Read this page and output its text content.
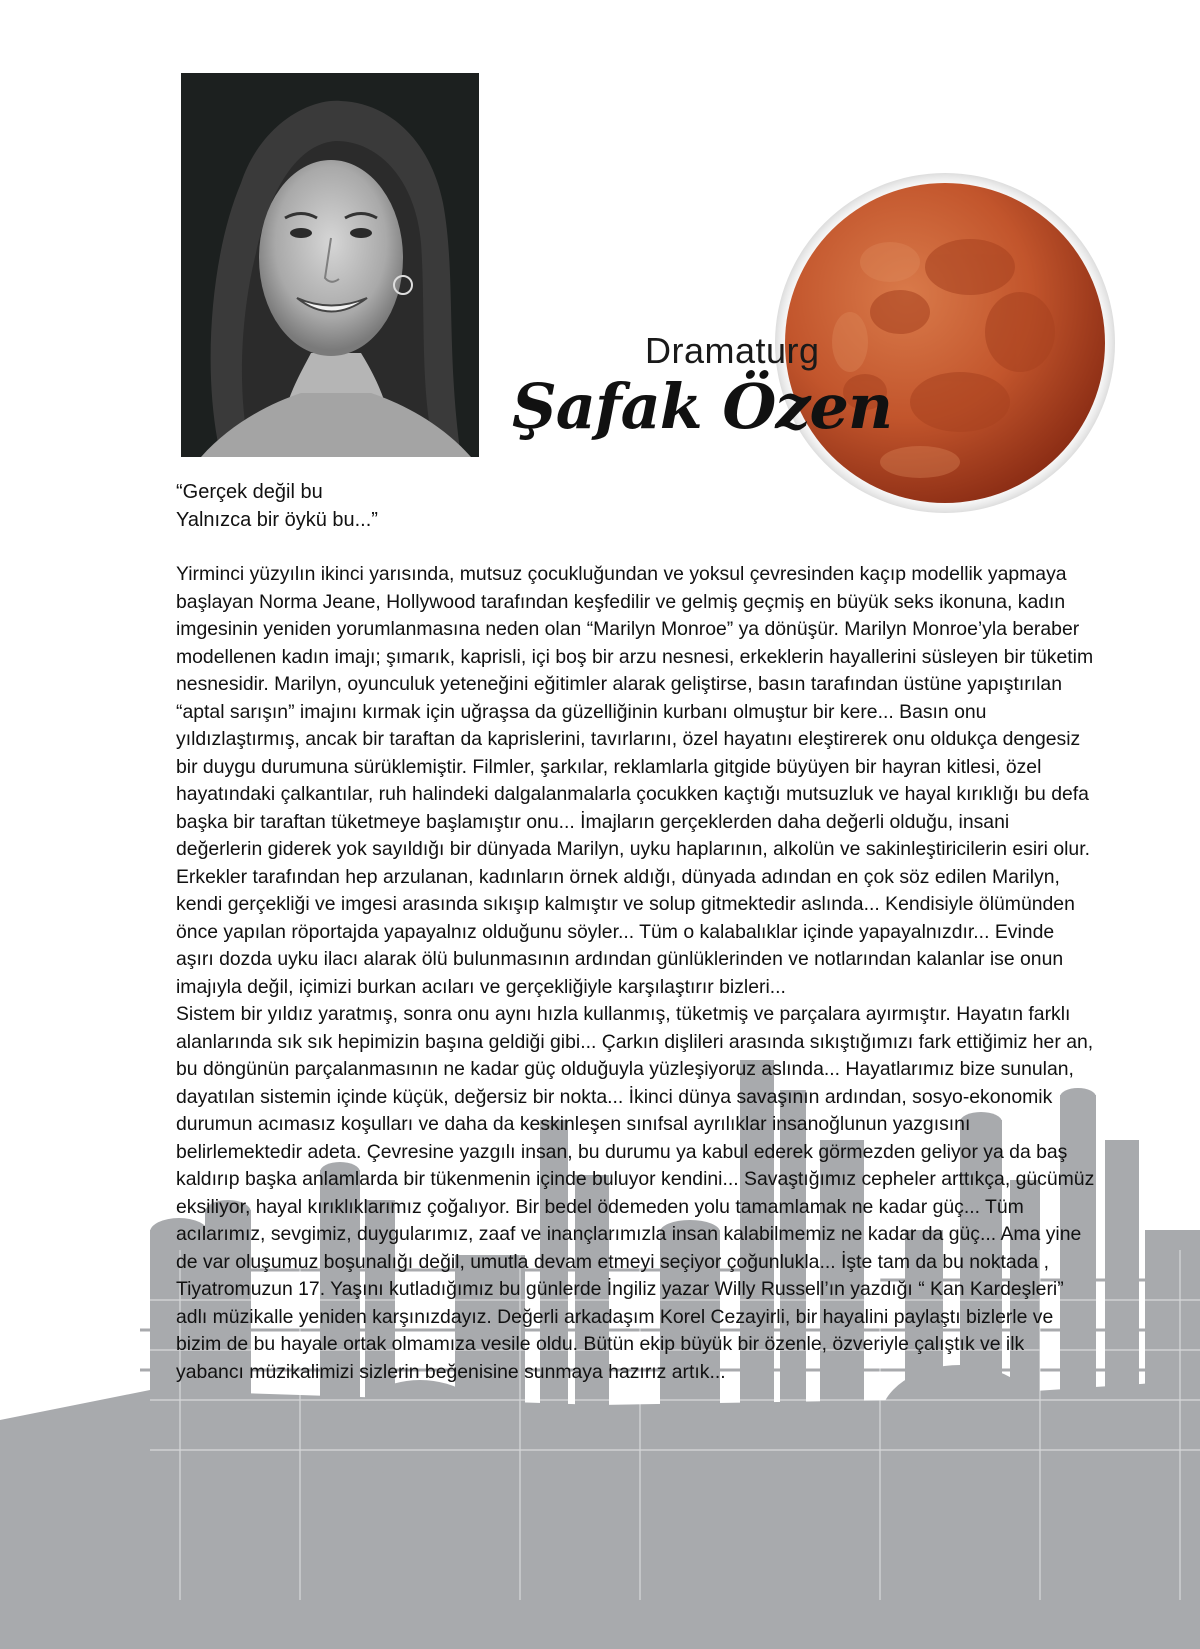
Dramaturg
Şafak Özen
“Gerçek değil bu
Yalnızca bir öykü bu...”

Yirminci yüzyılın ikinci yarısında, mutsuz çocukluğundan ve yoksul çevresinden kaçıp modellik yapmaya başlayan Norma Jeane, Hollywood tarafından keşfedilir ve gelmiş geçmiş en büyük seks ikonuna, kadın imgesinin yeniden yorumlanmasına neden olan “Marilyn Monroe” ya dönüşür. Marilyn Monroe’yla beraber modellenen kadın imajı; şımarık, kaprisli, içi boş bir arzu nesnesi, erkeklerin hayallerini süsleyen bir tüketim nesnesidir. Marilyn, oyunculuk yeteneğini eğitimler alarak geliştirse, basın tarafından üstüne yapıştırılan “aptal sarışın” imajını kırmak için uğraşsa da güzelliğinin kurbanı olmuştur bir kere... Basın onu yıldızlaştırmış, ancak bir taraftan da kaprislerini, tavırlarını, özel hayatını eleştirerek onu oldukça dengesiz bir duygu durumuna sürüklemiştir. Filmler, şarkılar, reklamlarla gitgide büyüyen bir hayran kitlesi, özel hayatındaki çalkantılar, ruh halindeki dalgalanmalarla çocukken kaçtığı mutsuzluk ve hayal kırıklığı bu defa başka bir taraftan tüketmeye başlamıştır onu... İmajların gerçeklerden daha değerli olduğu, insani değerlerin giderek yok sayıldığı bir dünyada Marilyn, uyku haplarının, alkolün ve sakinleştiricilerin esiri olur. Erkekler tarafından hep arzulanan, kadınların örnek aldığı, dünyada adından en çok söz edilen Marilyn, kendi gerçekliği ve imgesi arasında sıkışıp kalmıştır ve solup gitmektedir aslında... Kendisiyle ölümünden önce yapılan röportajda yapayalnız olduğunu söyler... Tüm o kalabalıklar içinde yapayalnızdır... Evinde aşırı dozda uyku ilacı alarak ölü bulunmasının ardından günlüklerinden ve notlarından kalanlar ise onun imajıyla değil, içimizi burkan acıları ve gerçekliğiyle karşılaştırır bizleri...

Sistem bir yıldız yaratmış, sonra onu aynı hızla kullanmış, tüketmiş ve parçalara ayırmıştır. Hayatın farklı alanlarında sık sık hepimizin başına geldiği gibi... Çarkın dişlileri arasında sıkıştığımızı fark ettiğimiz her an, bu döngünün parçalanmasının ne kadar güç olduğuyla yüzleşiyoruz aslında... Hayatlarımız bize sunulan, dayatılan sistemin içinde küçük, değersiz bir nokta... İkinci dünya savaşının ardından, sosyo-ekonomik durumun acımasız koşulları ve daha da keskinleşen sınıfsal ayrılıklar insanoğlunun yazgısını belirlemektedir adeta. Çevresine yazgılı insan, bu durumu ya kabul ederek görmezden geliyor ya da baş kaldırıp başka anlamlarda bir tükenmenin içinde buluyor kendini... Savaştığımız cepheler arttıkça, gücümüz eksiliyor, hayal kırıklıklarımız çoğalıyor. Bir bedel ödemeden yolu tamamlamak ne kadar güç... Tüm acılarımız, sevgimiz, duygularımız, zaaf ve inançlarımızla insan kalabilmemiz ne kadar da güç... Ama yine de var oluşumuz boşunalığı değil, umutla devam etmeyi seçiyor çoğunlukla... İşte tam da bu noktada , Tiyatromuzun 17. Yaşını kutladığımız bu günlerde İngiliz yazar Willy Russell’ın yazdığı “ Kan Kardeşleri” adlı müzikalle yeniden karşınızdayız. Değerli arkadaşım Korel Cezayirli, bir hayalini paylaştı bizlerle ve bizim de bu hayale ortak olmamıza vesile oldu. Bütün ekip büyük bir özenle, özveriyle çalıştık ve ilk yabancı müzikalimizi sizlerin beğenisine sunmaya hazırız artık...
